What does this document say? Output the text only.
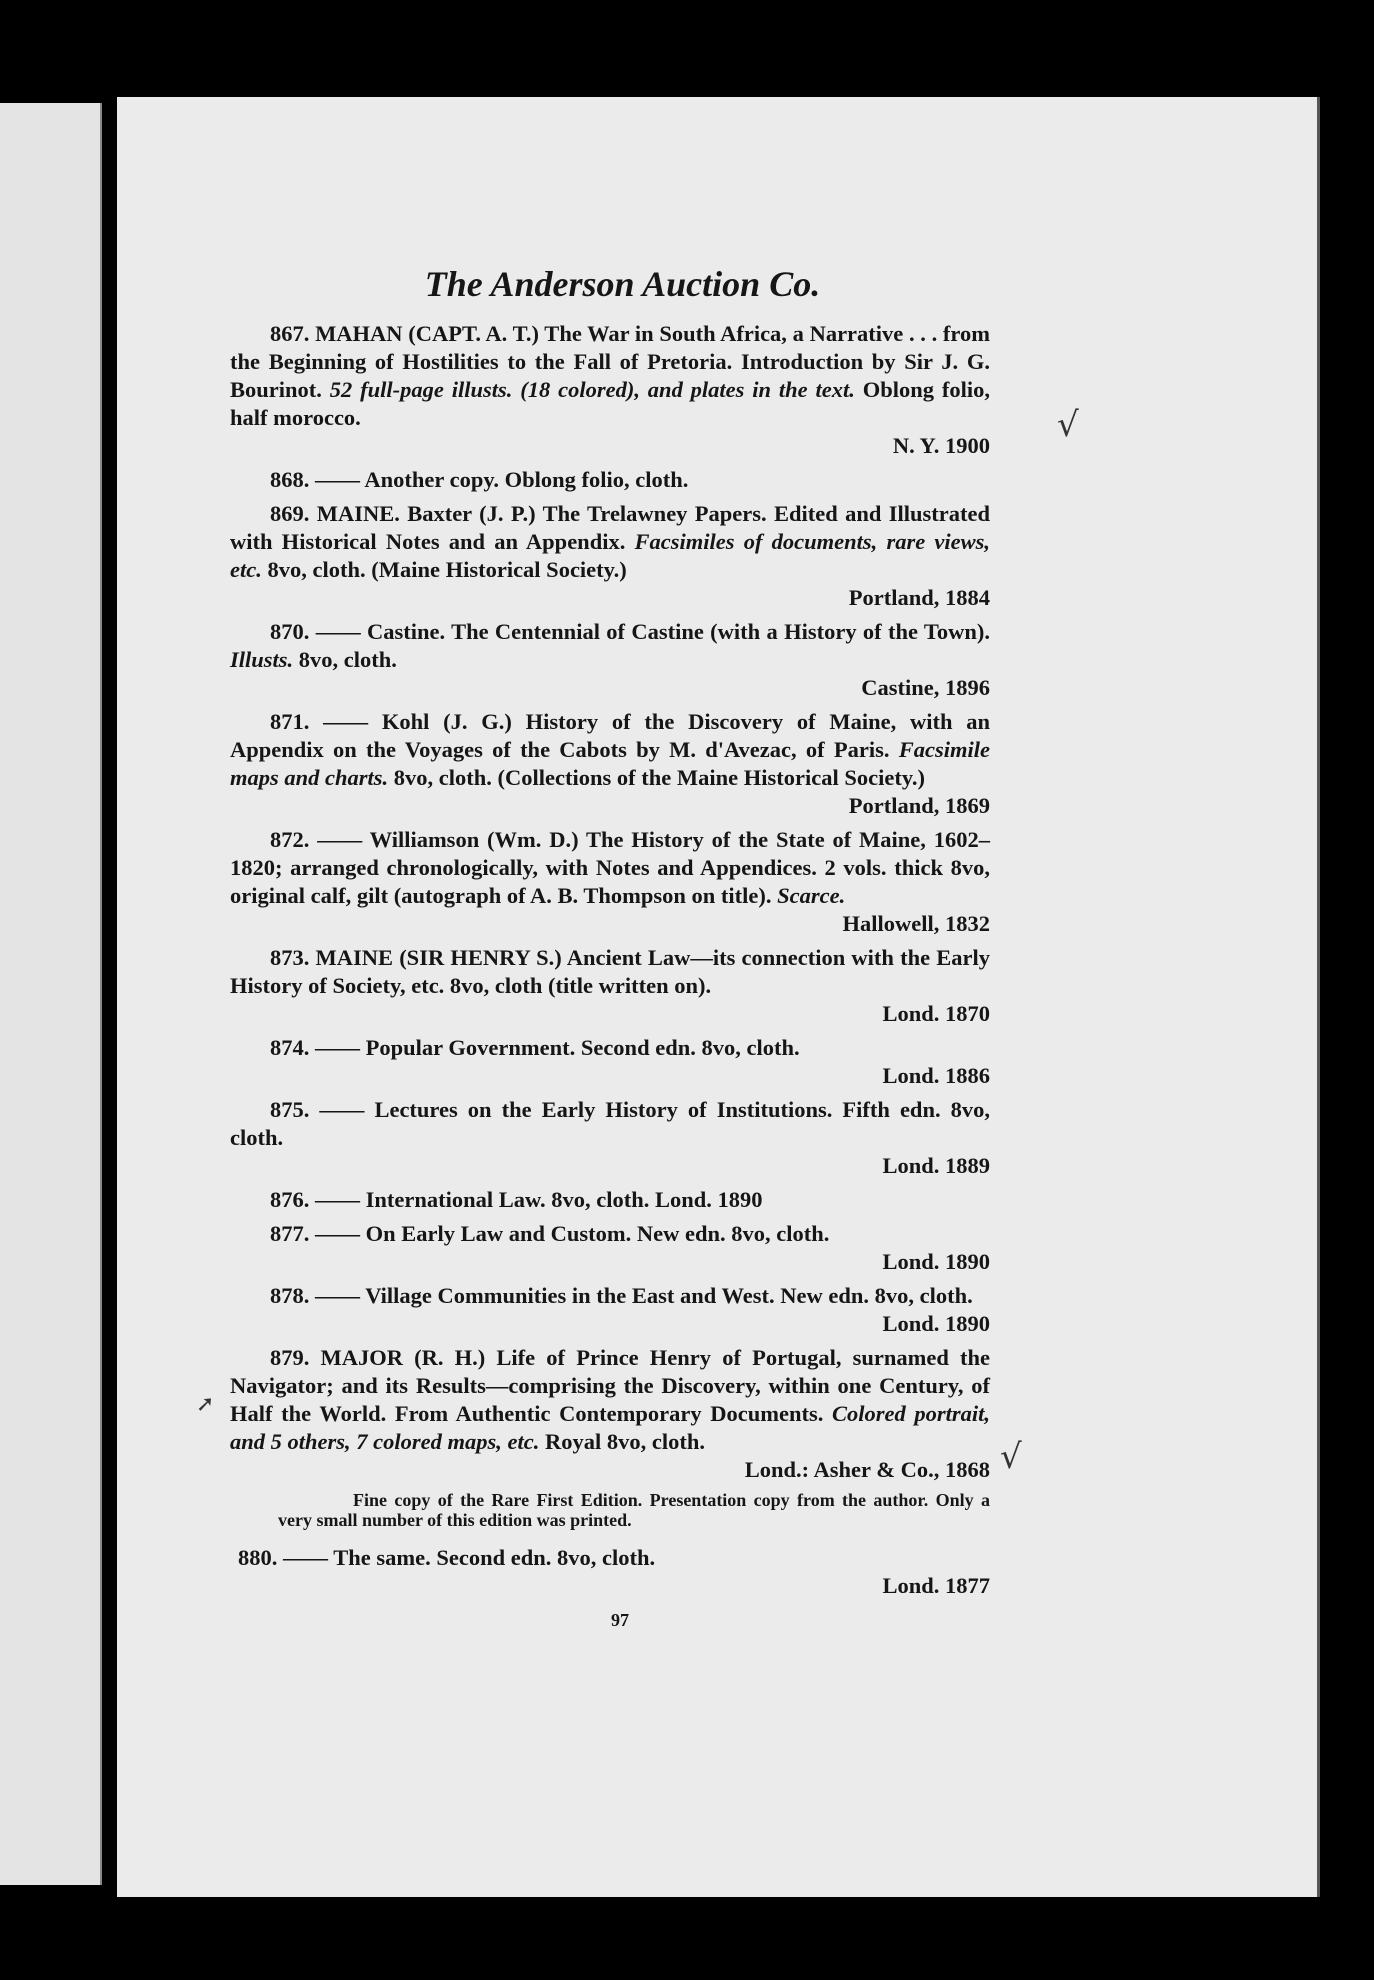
√
√
➚
The Anderson Auction Co.
867. MAHAN (CAPT. A. T.) The War in South Africa, a Narrative . . . from the Beginning of Hostilities to the Fall of Pretoria. Introduction by Sir J. G. Bourinot. 52 full-page illusts. (18 colored), and plates in the text. Oblong folio, half morocco.
N. Y. 1900
868. —— Another copy. Oblong folio, cloth.
869. MAINE. Baxter (J. P.) The Trelawney Papers. Edited and Illustrated with Historical Notes and an Appendix. Facsimiles of documents, rare views, etc. 8vo, cloth. (Maine Historical Society.)
Portland, 1884
870. —— Castine. The Centennial of Castine (with a History of the Town). Illusts. 8vo, cloth.
Castine, 1896
871. —— Kohl (J. G.) History of the Discovery of Maine, with an Appendix on the Voyages of the Cabots by M. d'Avezac, of Paris. Facsimile maps and charts. 8vo, cloth. (Collections of the Maine Historical Society.)
Portland, 1869
872. —— Williamson (Wm. D.) The History of the State of Maine, 1602–1820; arranged chronologically, with Notes and Appendices. 2 vols. thick 8vo, original calf, gilt (autograph of A. B. Thompson on title). Scarce.
Hallowell, 1832
873. MAINE (SIR HENRY S.) Ancient Law—its connection with the Early History of Society, etc. 8vo, cloth (title written on).
Lond. 1870
874. —— Popular Government. Second edn. 8vo, cloth.
Lond. 1886
875. —— Lectures on the Early History of Institutions. Fifth edn. 8vo, cloth.
Lond. 1889
876. —— International Law. 8vo, cloth. Lond. 1890
877. —— On Early Law and Custom. New edn. 8vo, cloth.
Lond. 1890
878. —— Village Communities in the East and West. New edn. 8vo, cloth.
Lond. 1890
879. MAJOR (R. H.) Life of Prince Henry of Portugal, surnamed the Navigator; and its Results—comprising the Discovery, within one Century, of Half the World. From Authentic Contemporary Documents. Colored portrait, and 5 others, 7 colored maps, etc. Royal 8vo, cloth.
Lond.: Asher & Co., 1868
Fine copy of the Rare First Edition. Presentation copy from the author. Only a very small number of this edition was printed.
880. —— The same. Second edn. 8vo, cloth.
Lond. 1877
97
